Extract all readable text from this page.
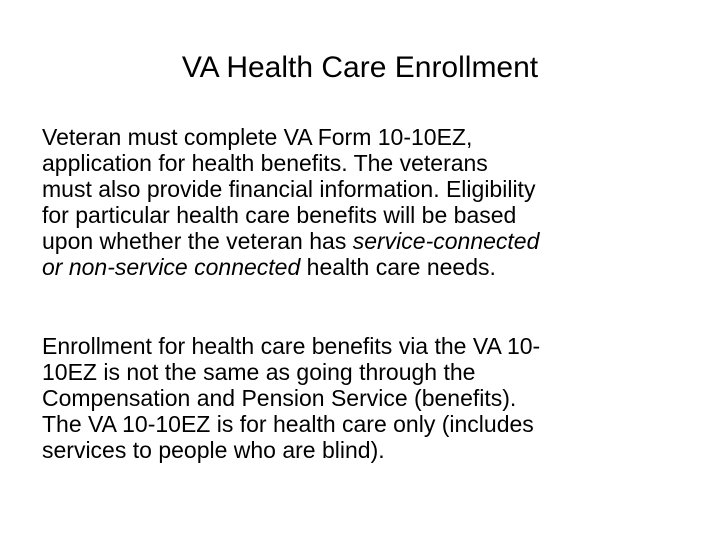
VA Health Care Enrollment

Veteran must complete VA Form 10-10EZ,
application for health benefits. The veterans
must also provide financial information. Eligibility
for particular health care benefits will be based
upon whether the veteran has service-connected
or non-service connected health care needs.

Enrollment for health care benefits via the VA 10-
10EZ is not the same as going through the
Compensation and Pension Service (benefits).
The VA 10-10EZ is for health care only (includes
services to people who are blind).
